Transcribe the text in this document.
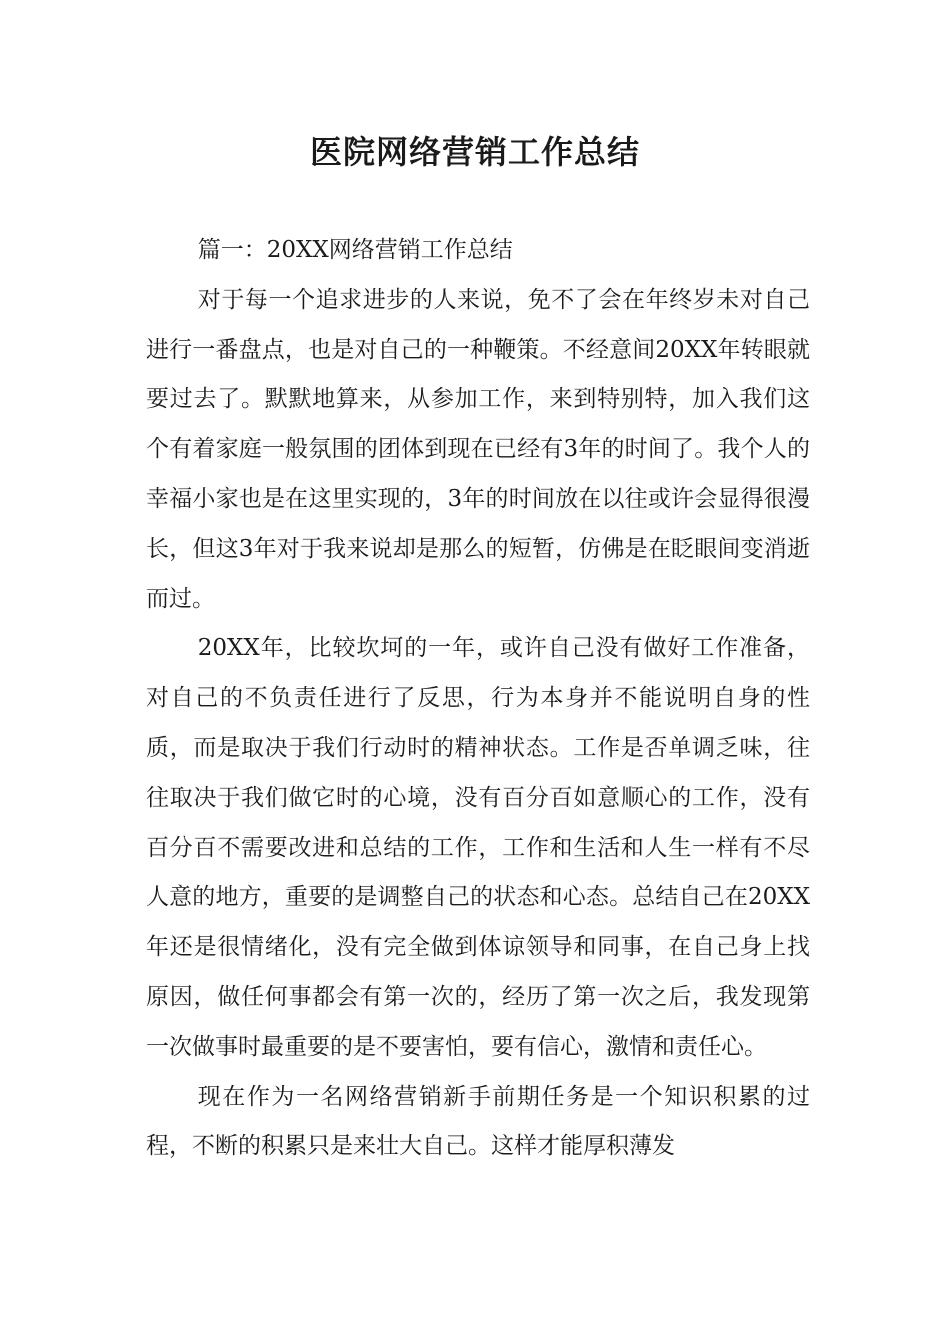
医院网络营销工作总结

篇一：20XX网络营销工作总结

对于每一个追求进步的人来说，免不了会在年终岁未对自己进行一番盘点，也是对自己的一种鞭策。不经意间20XX年转眼就要过去了。默默地算来，从参加工作，来到特别特，加入我们这个有着家庭一般氛围的团体到现在已经有3年的时间了。我个人的幸福小家也是在这里实现的，3年的时间放在以往或许会显得很漫长，但这3年对于我来说却是那么的短暂，仿佛是在眨眼间变消逝而过。

20XX年，比较坎坷的一年，或许自己没有做好工作准备，对自己的不负责任进行了反思，行为本身并不能说明自身的性质，而是取决于我们行动时的精神状态。工作是否单调乏味，往往取决于我们做它时的心境，没有百分百如意顺心的工作，没有百分百不需要改进和总结的工作，工作和生活和人生一样有不尽人意的地方，重要的是调整自己的状态和心态。总结自己在20XX年还是很情绪化，没有完全做到体谅领导和同事，在自己身上找原因，做任何事都会有第一次的，经历了第一次之后，我发现第一次做事时最重要的是不要害怕，要有信心，激情和责任心。

现在作为一名网络营销新手前期任务是一个知识积累的过程，不断的积累只是来壮大自己。这样才能厚积薄发
